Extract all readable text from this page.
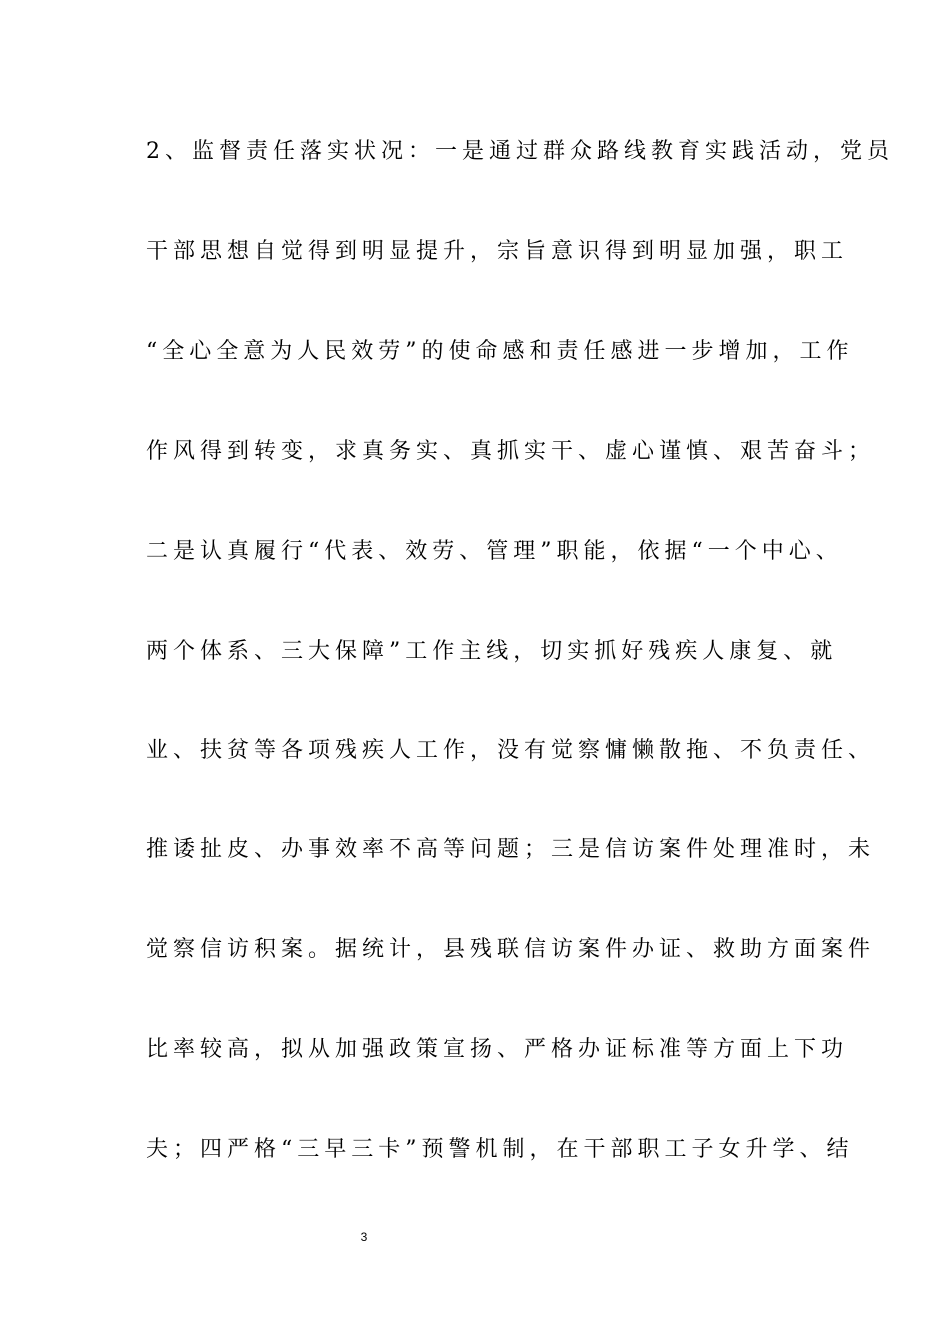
2、监督责任落实状况：一是通过群众路线教育实践活动，党员
干部思想自觉得到明显提升，宗旨意识得到明显加强，职工
“全心全意为人民效劳”的使命感和责任感进一步增加，工作
作风得到转变，求真务实、真抓实干、虚心谨慎、艰苦奋斗；
二是认真履行“代表、效劳、管理”职能，依据“一个中心、
两个体系、三大保障”工作主线，切实抓好残疾人康复、就
业、扶贫等各项残疾人工作，没有觉察慵懒散拖、不负责任、
推诿扯皮、办事效率不高等问题；三是信访案件处理准时，未
觉察信访积案。据统计，县残联信访案件办证、救助方面案件
比率较高，拟从加强政策宣扬、严格办证标准等方面上下功
夫；四严格“三早三卡”预警机制，在干部职工子女升学、结
3
